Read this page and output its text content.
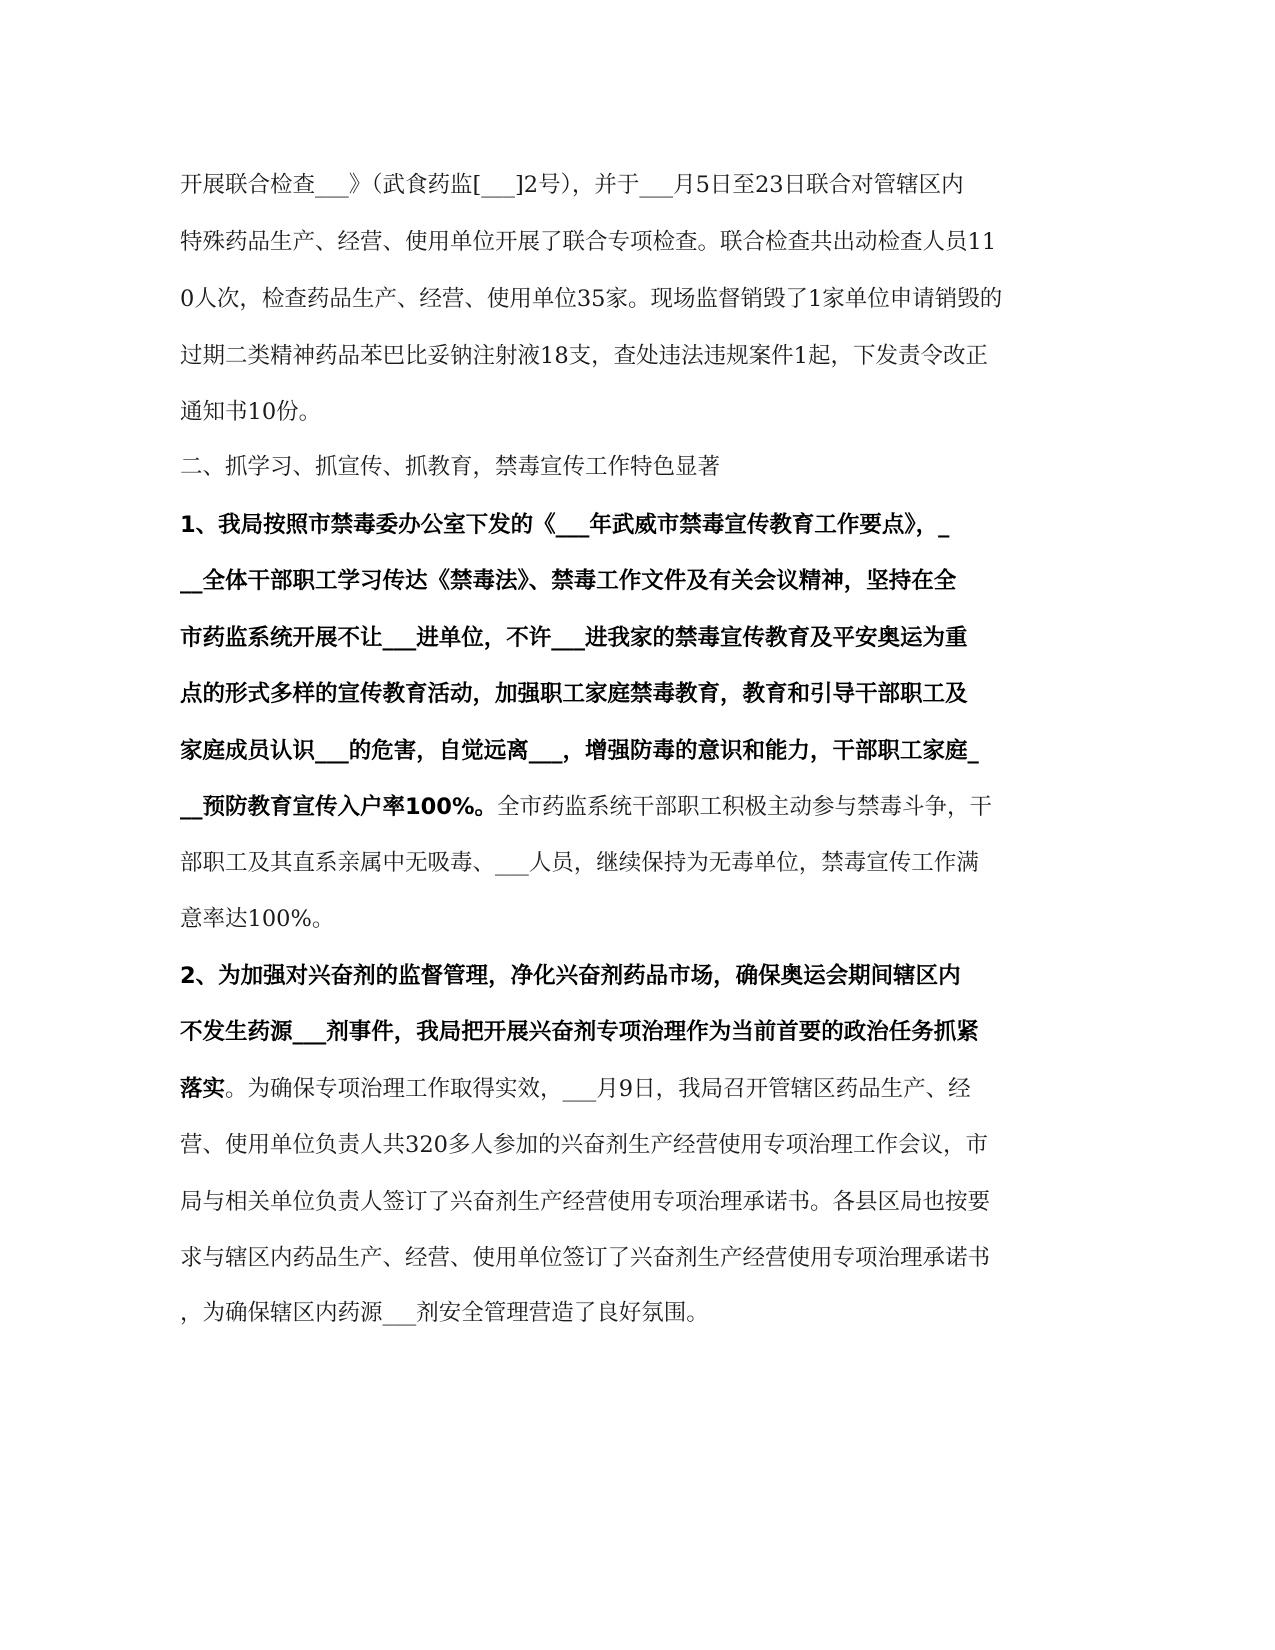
开展联合检查___》（武食药监[___]2号），并于___月5日至23日联合对管辖区内
特殊药品生产、经营、使用单位开展了联合专项检查。联合检查共出动检查人员11
0人次，检查药品生产、经营、使用单位35家。现场监督销毁了1家单位申请销毁的
过期二类精神药品苯巴比妥钠注射液18支，查处违法违规案件1起，下发责令改正
通知书10份。
二、抓学习、抓宣传、抓教育，禁毒宣传工作特色显著
1、我局按照市禁毒委办公室下发的《___年武威市禁毒宣传教育工作要点》，_
__全体干部职工学习传达《禁毒法》、禁毒工作文件及有关会议精神，坚持在全
市药监系统开展不让___进单位，不许___进我家的禁毒宣传教育及平安奥运为重
点的形式多样的宣传教育活动，加强职工家庭禁毒教育，教育和引导干部职工及
家庭成员认识___的危害，自觉远离___，增强防毒的意识和能力，干部职工家庭_
__预防教育宣传入户率100%。全市药监系统干部职工积极主动参与禁毒斗争，干
部职工及其直系亲属中无吸毒、___人员，继续保持为无毒单位，禁毒宣传工作满
意率达100%。
2、为加强对兴奋剂的监督管理，净化兴奋剂药品市场，确保奥运会期间辖区内
不发生药源___剂事件，我局把开展兴奋剂专项治理作为当前首要的政治任务抓紧
落实。为确保专项治理工作取得实效，___月9日，我局召开管辖区药品生产、经
营、使用单位负责人共320多人参加的兴奋剂生产经营使用专项治理工作会议，市
局与相关单位负责人签订了兴奋剂生产经营使用专项治理承诺书。各县区局也按要
求与辖区内药品生产、经营、使用单位签订了兴奋剂生产经营使用专项治理承诺书
，为确保辖区内药源___剂安全管理营造了良好氛围。
